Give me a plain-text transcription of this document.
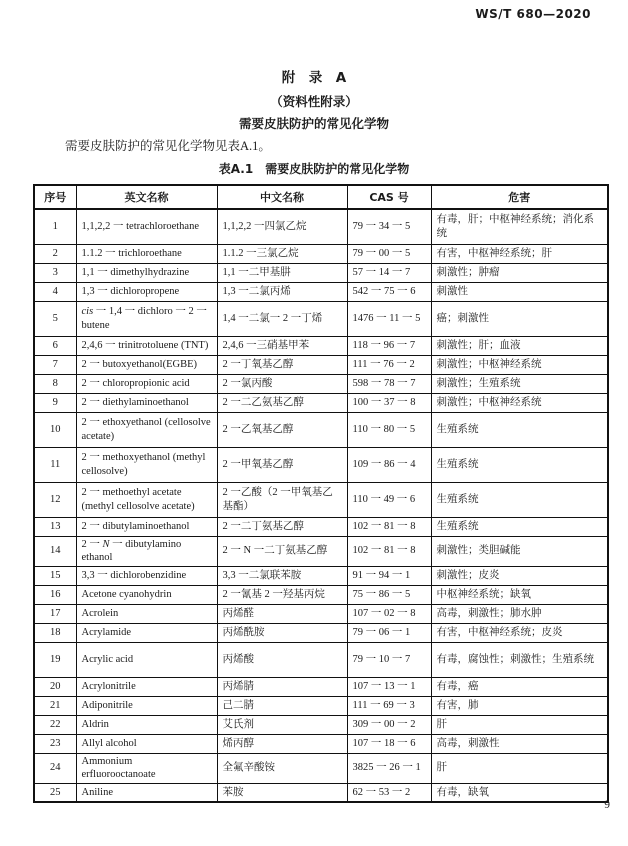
WS/T 680—2020
附　录　A
（资料性附录）
需要皮肤防护的常见化学物
需要皮肤防护的常见化学物见表A.1。
表A.1　需要皮肤防护的常见化学物
序号	英文名称	中文名称	CAS 号	危害
1	1,1,2,2 一 tetrachloroethane	1,1,2,2 一四氯乙烷	79 一 34 一 5	有毒，肝；中枢神经系统；消化系统
2	1.1.2 一 trichloroethane	1.1.2 一三氯乙烷	79 一 00 一 5	有害，中枢神经系统；肝
3	1,1 一 dimethylhydrazine	1,1 一二甲基肼	57 一 14 一 7	刺激性；肿瘤
4	1,3 一 dichloropropene	1,3 一二氯丙烯	542 一 75 一 6	刺激性
5	cis 一 1,4 一 dichloro 一 2 一 butene	1,4 一二氯一 2 一丁烯	1476 一 11 一 5	癌；刺激性
6	2,4,6 一 trinitrotoluene (TNT)	2,4,6 一三硝基甲苯	118 一 96 一 7	刺激性；肝；血液
7	2 一 butoxyethanol(EGBE)	2 一丁氧基乙醇	111 一 76 一 2	刺激性；中枢神经系统
8	2 一 chloropropionic acid	2 一氯丙酸	598 一 78 一 7	刺激性；生殖系统
9	2 一 diethylaminoethanol	2 一二乙氨基乙醇	100 一 37 一 8	刺激性；中枢神经系统
10	2 一 ethoxyethanol (cellosolve acetate)	2 一乙氧基乙醇	110 一 80 一 5	生殖系统
11	2 一 methoxyethanol (methyl cellosolve)	2 一甲氧基乙醇	109 一 86 一 4	生殖系统
12	2 一 methoethyl acetate (methyl cellosolve acetate)	2 一乙酸（2 一甲氧基乙基酯）	110 一 49 一 6	生殖系统
13	2 一 dibutylaminoethanol	2 一二丁氨基乙醇	102 一 81 一 8	生殖系统
14	2 一 N 一 dibutylamino ethanol	2 一 N 一二丁氨基乙醇	102 一 81 一 8	刺激性；类胆碱能
15	3,3 一 dichlorobenzidine	3,3 一二氯联苯胺	91 一 94 一 1	刺激性；皮炎
16	Acetone cyanohydrin	2 一氰基 2 一羟基丙烷	75 一 86 一 5	中枢神经系统；缺氧
17	Acrolein	丙烯醛	107 一 02 一 8	高毒，刺激性；肺水肿
18	Acrylamide	丙烯酰胺	79 一 06 一 1	有害，中枢神经系统；皮炎
19	Acrylic acid	丙烯酸	79 一 10 一 7	有毒，腐蚀性；刺激性；生殖系统
20	Acrylonitrile	丙烯腈	107 一 13 一 1	有毒，癌
21	Adiponitrile	己二腈	111 一 69 一 3	有害，肺
22	Aldrin	艾氏剂	309 一 00 一 2	肝
23	Allyl alcohol	烯丙醇	107 一 18 一 6	高毒，刺激性
24	Ammonium erfluorooctanoate	全氟辛酸铵	3825 一 26 一 1	肝
25	Aniline	苯胺	62 一 53 一 2	有毒，缺氧
9
